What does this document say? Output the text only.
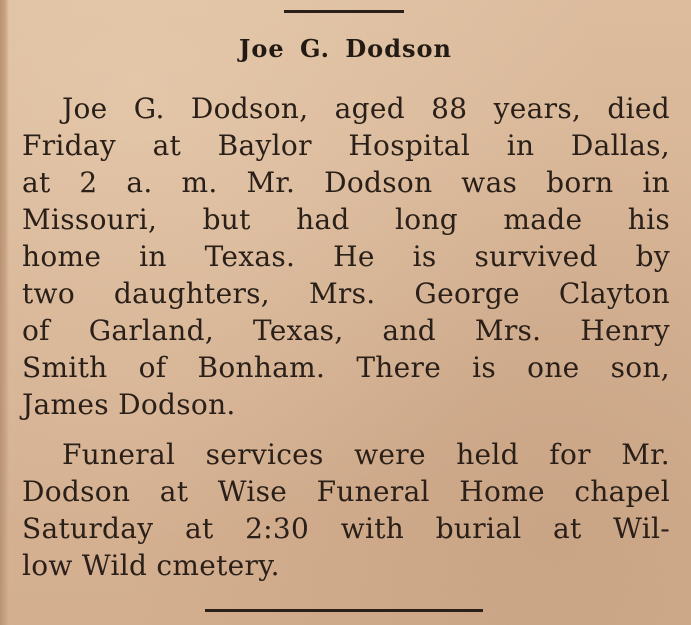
Joe G. Dodson
Joe G. Dodson, aged 88 years, died
Friday at Baylor Hospital in Dallas,
at 2 a. m. Mr. Dodson was born in
Missouri, but had long made his
home in Texas. He is survived by
two daughters, Mrs. George Clayton
of Garland, Texas, and Mrs. Henry
Smith of Bonham. There is one son,
James Dodson.
Funeral services were held for Mr.
Dodson at Wise Funeral Home chapel
Saturday at 2:30 with burial at Wil-
low Wild cmetery.
